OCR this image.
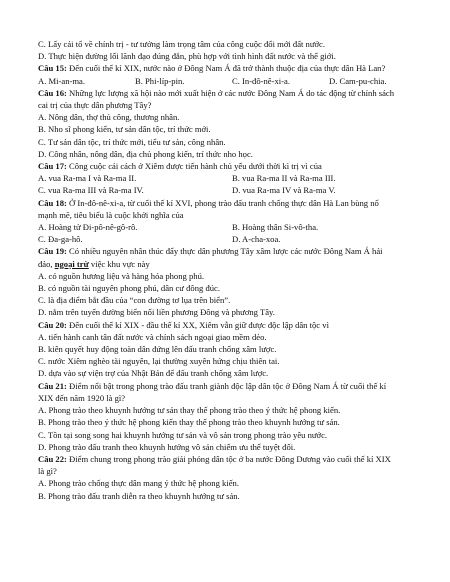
C. Lấy cải tổ về chính trị - tư tưởng làm trọng tâm của công cuộc đổi mới đất nước.
D. Thực hiện đường lối lãnh đạo đúng đắn, phù hợp với tình hình đất nước và thế giới.
Câu 15: Đến cuối thế kỉ XIX, nước nào ở Đông Nam Á đã trở thành thuộc địa của thực dân Hà Lan?
A. Mi-an-ma.	B. Phi-líp-pin.	C. In-đô-nê-xi-a.	D. Cam-pu-chia.
Câu 16: Những lực lượng xã hội nào mới xuất hiện ở các nước Đông Nam Á do tác động từ chính sách
cai trị của thực dân phương Tây?
A. Nông dân, thợ thủ công, thương nhân.
B. Nho sĩ phong kiến, tư sản dân tộc, trí thức mới.
C. Tư sản dân tộc, trí thức mới, tiểu tư sản, công nhân.
D. Công nhân, nông dân, địa chủ phong kiến, trí thức nho học.
Câu 17: Công cuộc cải cách ở Xiêm được tiến hành chủ yếu dưới thời kì trị vì của
A. vua Ra-ma I và Ra-ma II.	B. vua Ra-ma II và Ra-ma III.
C. vua Ra-ma III và Ra-ma IV.	D. vua Ra-ma IV và Ra-ma V.
Câu 18: Ở In-đô-nê-xi-a, từ cuối thế kỉ XVI, phong trào đấu tranh chống thực dân Hà Lan bùng nổ
mạnh mẽ, tiêu biểu là cuộc khởi nghĩa của
A. Hoàng tử Đi-pô-nê-gô-rô.	B. Hoàng thân Si-vô-tha.
C. Đa-ga-hô.	D. A-cha-xoa.
Câu 19: Có nhiều nguyên nhân thúc đẩy thực dân phương Tây xâm lược các nước Đông Nam Á hải
đảo, ngoại trừ việc khu vực này
A. có nguồn hương liệu và hàng hóa phong phú.
B. có nguồn tài nguyên phong phú, dân cư đông đúc.
C. là địa điểm bắt đầu của “con đường tơ lụa trên biển”.
D. nằm trên tuyến đường biển nối liền phương Đông và phương Tây.
Câu 20: Đến cuối thế kỉ XIX - đầu thế kỉ XX, Xiêm vẫn giữ được độc lập dân tộc vì
A. tiến hành canh tân đất nước và chính sách ngoại giao mềm dẻo.
B. kiên quyết huy động toàn dân đứng lên đấu tranh chống xâm lược.
C. nước Xiêm nghèo tài nguyên, lại thường xuyên hứng chịu thiên tai.
D. dựa vào sự viện trợ của Nhật Bản để đấu tranh chống xâm lược.
Câu 21: Điểm nổi bật trong phong trào đấu tranh giành độc lập dân tộc ở Đông Nam Á từ cuối thế kỉ
XIX đến năm 1920 là gì?
A. Phong trào theo khuynh hướng tư sản thay thế phong trào theo ý thức hệ phong kiến.
B. Phong trào theo ý thức hệ phong kiến thay thế phong trào theo khuynh hướng tư sản.
C. Tồn tại song song hai khuynh hướng tư sản và vô sản trong phong trào yêu nước.
D. Phong trào đấu tranh theo khuynh hướng vô sản chiếm ưu thế tuyệt đối.
Câu 22: Điểm chung trong phong trào giải phóng dân tộc ở ba nước Đông Dương vào cuối thế kỉ XIX
là gì?
A. Phong trào chống thực dân mang ý thức hệ phong kiến.
B. Phong trào đấu tranh diễn ra theo khuynh hướng tư sản.
